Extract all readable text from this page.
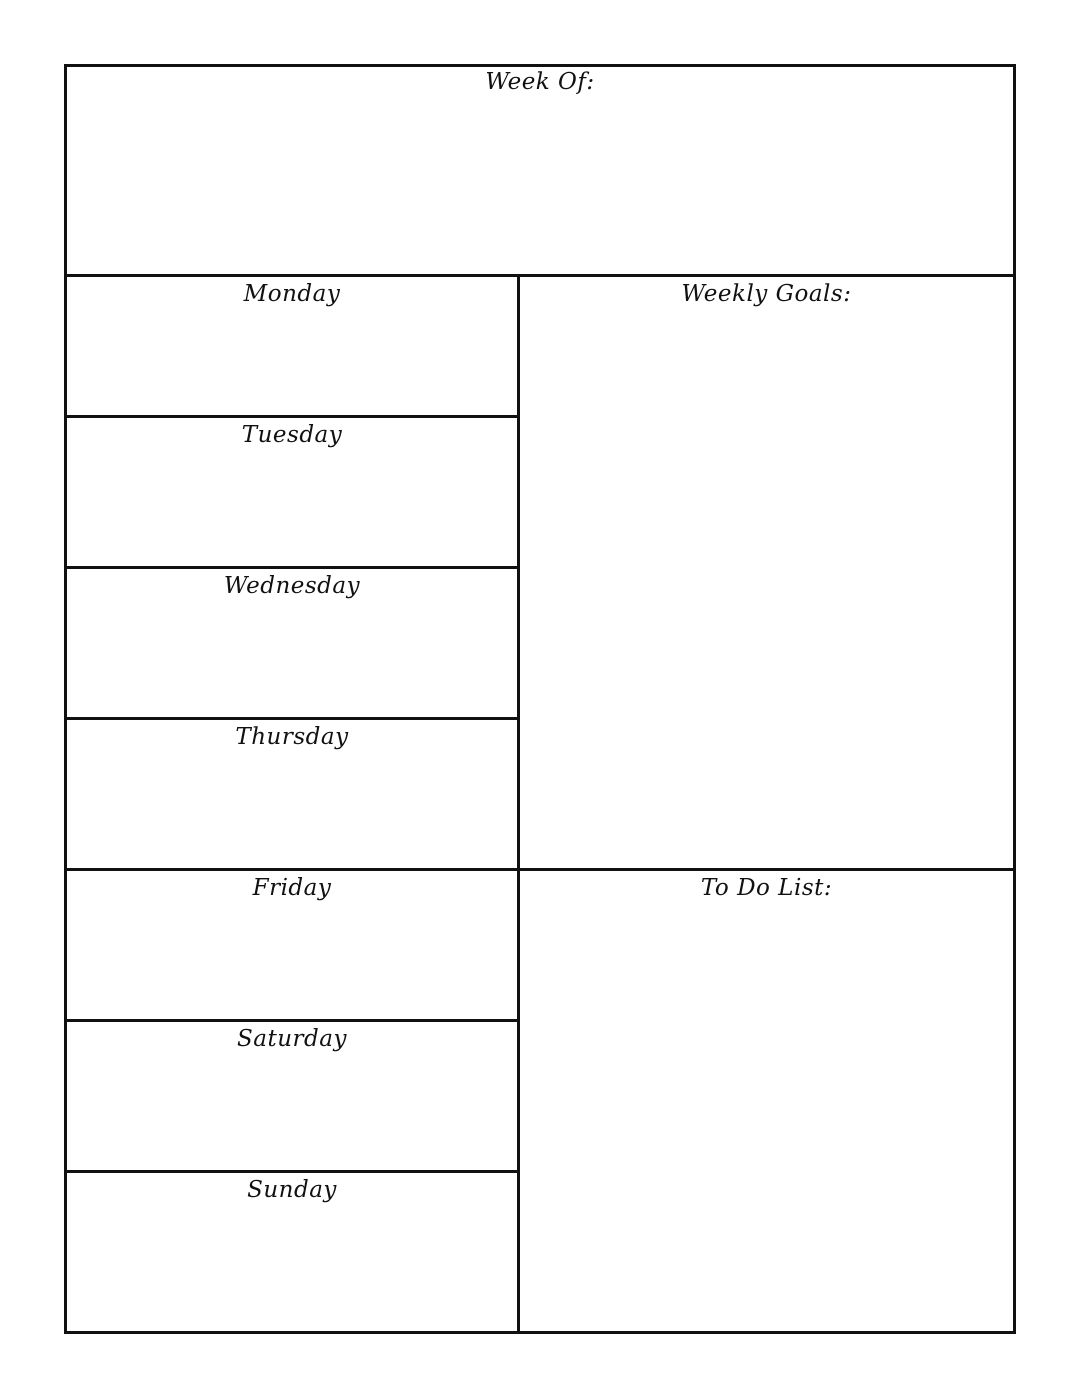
Week Of:
Monday
Tuesday
Wednesday
Thursday
Friday
Saturday
Sunday
Weekly Goals:
To Do List:
